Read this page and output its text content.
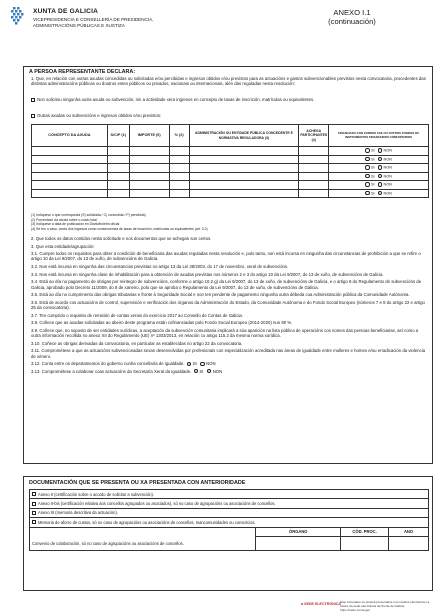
XUNTA DE GALICIA
VICEPRESIDENCIA E CONSELLERÍA DE PRESIDENCIA, ADMINISTRACIÓNS PÚBLICAS E XUSTIZA
ANEXO I.1
(continuación)
A PERSOA REPRESENTANTE DECLARA:
1. Que, en relación con outras axudas concedidas ou solicitadas e/ou percibidas e ingresos obtidos e/ou previstos para as actuacións e gastos subvencionables previstos nesta convocatoria, procedentes das distintas administracións públicas ou doutros entes públicos ou privados, nacionais ou internacionais, alén das reguladas nesta resolución:
Non solicitou ningunha outra axuda ou subvención, nin a actividade xera ingresos en concepto de taxas de inscrición, matrículas ou equivalentes.
Outras axudas ou subvencións e ingresos obtidos e/ou previstos:
CONCEPTO DA AXUDA	S/C/P (1)	IMPORTE (€)	% (2)	ADMINISTRACIÓN OU ENTIDADE PÚBLICA CONCEDENTE E NORMATIVA REGULADORA (3)	ACHEGA PARTICIPANTES (4)	FINANCIADA CON FONDOS FSE OU OUTROS FONDOS OU INSTRUMENTOS FINANCEIROS COMUNITARIOS
						SI NON
						SI NON
						SI NON
						SI NON
						SI NON
						SI NON
(1) Indíquese o que corresponda (S) solicitada / C) concedida / P) percibida)
(2) Porcentaxe da axuda sobre o custo total
(3) Indíquese a data de publicación en Diario/boletín oficial
(4) Se ten o caso, conta dos ingresos como consecuencia de taxas de inscrición, matrículas ou equivalentes (art. 3.2)

2. Que todos os datos contidos nesta solicitude e nos documentos que se achegan son certos.

3. Que esta entidade/agrupación:

3.1. Cumpre todos os requisitos para obter a condición de beneficiaria das axudas reguladas nesta resolución e, polo tanto, non está incursa en ningunha das circunstancias de prohibición a que se refire o artigo 10 da Lei 9/2007, do 13 de xuño, de subvencións de Galicia.

3.2. Non está incursa en ningunha das circunstancias previstas no artigo 13 da Lei 38/2003, do 17 de novembro, xeral de subvencións.

3.3. Non está incursa en ningunha clase de inhabilitación para a obtención de axudas previstas nos números 2 e 3 do artigo 10 da Lei 9/2007, do 13 de xuño, de subvencións de Galicia.

3.4. Está ao día no pagamento de obrigas por reintegro de subvencións, conforme o artigo 10.2.g) da Lei 9/2007, do 13 de xuño, de subvencións de Galicia, e o artigo 9 do Regulamento de subvencións de Galicia, aprobado polo Decreto 11/2009, do 8 de xaneiro, polo que se aproba o Regulamento da Lei 9/2007, do 13 de xuño, de subvencións de Galicia.

3.5. Está ao día no cumprimento das obrigas tributarias e fronte á Seguridade Social e non ten pendente de pagamento ningunha outra débeda coa Administración pública da Comunidade Autónoma.

3.6. Está de acordo cos actuacións de control, supervisión e verificación dos órganos da Administración do Estado, da Comunidade Autónoma e do Fondo Social Europeo (números 7 e 8 do artigo 22 e artigo 25 da convocatoria).

3.7. Ten cumprido o requisito de remisión de contas xerais do exercicio 2017 ao Consello de Contas de Galicia.

3.8. Coñece que as axudas solicitadas ao abeiro deste programa están cofinanciadas polo Fondo Social Europeo (2014-2020) nun 80 %.

3.9. Coñece que, no suposto de ser entidades xurídicas, a aceptación da subvención comunitaria implicará a súa aparición na lista pública de operacións cos nomes das persoas beneficiarias, así como a outra información recollida no anexo XII do Regulamento (UE) nº 1303/2013, en relación co artigo 115.2 da mesma norma xurídica.

3.10. Coñece as obrigas derivadas da convocatoria, en particular as establecidas no artigo 22 da convocatoria.

3.11. Comprométese a que as actuacións subvencionadas sexan desenvolvidas por profesionais con especialización acreditada nas áreas de igualdade entre mulleres e homes e/ou erradicación da violencia de xénero.

3.12. Conta entre os departamentos do goberno cunha concellaría de igualdade. SI NON

3.13. Comprométese a colaborar coas actuacións da Secretaría Xeral da Igualdade. SI NON

DOCUMENTACIÓN QUE SE PRESENTA OU XA PRESENTADA CON ANTERIORIDADE
Anexo II (certificación sobre o acordo de solicitar a subvención).			
Anexo II-bis (certificación relativa aos concellos agrupados ou asociados), só no caso de agrupacións ou asociacións de concellos.			
Anexo III (memoria descritiva da actuación).			
Memoria de aforro de custos, só no caso de agrupacións ou asociacións de concellos, mancomunidades ou consorcios.			
	ÓRGANO	CÓD. PROC.	ANO
Convenio de colaboración, só no caso de agrupacións ou asociacións de concellos.			
■ SEDE ELECTRÓNICA Este formulario só poderá presentarse nos medios electrónicos a través da sede electrónica da Xunta de Galicia, https://sede.xunta.gal
